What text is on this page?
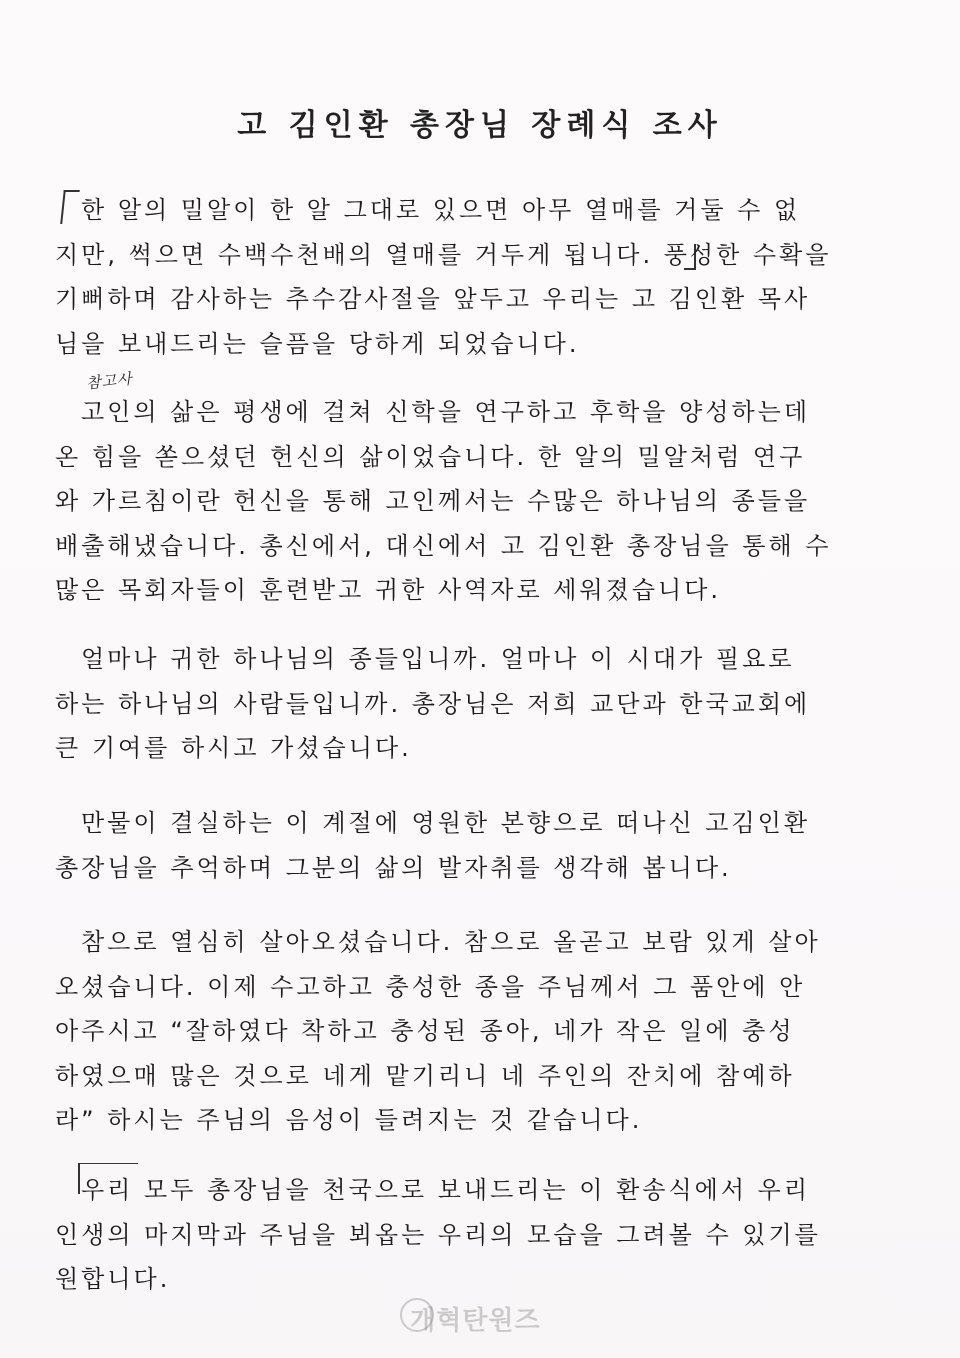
고 김인환 총장님 장례식 조사
참고사
한 알의 밀알이 한 알 그대로 있으면 아무 열매를 거둘 수 없
지만, 썩으면 수백수천배의 열매를 거두게 됩니다. 풍성한 수확을
기뻐하며 감사하는 추수감사절을 앞두고 우리는 고 김인환 목사
님을 보내드리는 슬픔을 당하게 되었습니다.
고인의 삶은 평생에 걸쳐 신학을 연구하고 후학을 양성하는데
온 힘을 쏟으셨던 헌신의 삶이었습니다. 한 알의 밀알처럼 연구
와 가르침이란 헌신을 통해 고인께서는 수많은 하나님의 종들을
배출해냈습니다. 총신에서, 대신에서 고 김인환 총장님을 통해 수
많은 목회자들이 훈련받고 귀한 사역자로 세워졌습니다.
얼마나 귀한 하나님의 종들입니까. 얼마나 이 시대가 필요로
하는 하나님의 사람들입니까. 총장님은 저희 교단과 한국교회에
큰 기여를 하시고 가셨습니다.
만물이 결실하는 이 계절에 영원한 본향으로 떠나신 고김인환
총장님을 추억하며 그분의 삶의 발자취를 생각해 봅니다.
참으로 열심히 살아오셨습니다. 참으로 올곧고 보람 있게 살아
오셨습니다. 이제 수고하고 충성한 종을 주님께서 그 품안에 안
아주시고 “잘하였다 착하고 충성된 종아, 네가 작은 일에 충성
하였으매 많은 것으로 네게 맡기리니 네 주인의 잔치에 참예하
라” 하시는 주님의 음성이 들려지는 것 같습니다.
우리 모두 총장님을 천국으로 보내드리는 이 환송식에서 우리
인생의 마지막과 주님을 뵈옵는 우리의 모습을 그려볼 수 있기를
원합니다.
개혁탄원즈
